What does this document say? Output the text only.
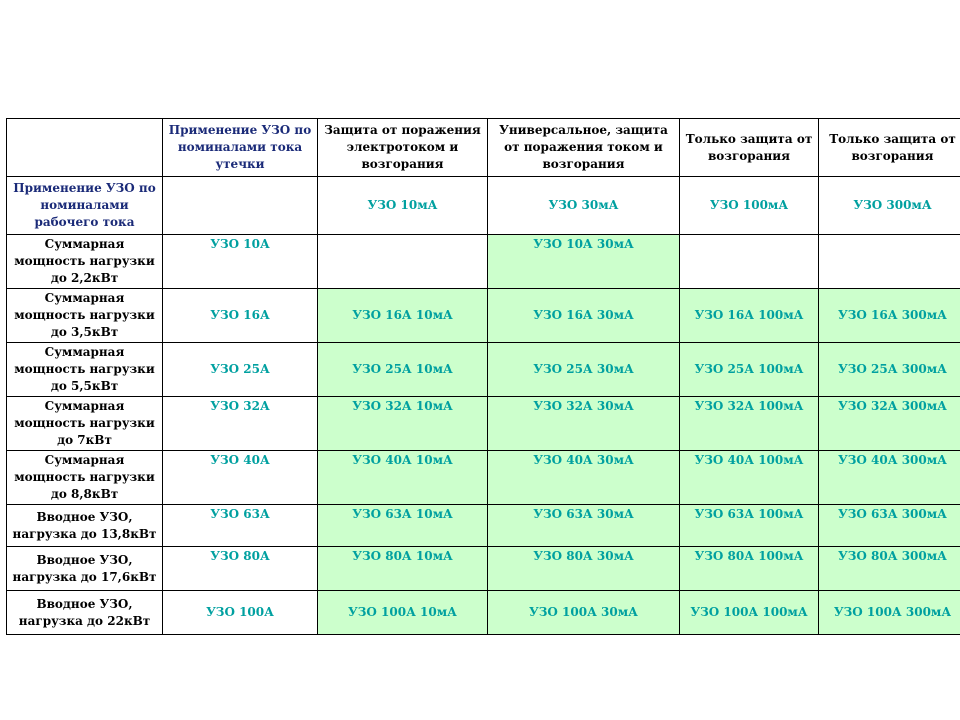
	Применение УЗО по номиналами тока утечки	Защита от поражения электротоком и возгорания	Универсальное, защита от поражения током и возгорания	Только защита от возгорания	Только защита от возгорания
Применение УЗО по номиналами рабочего тока		УЗО 10мА	УЗО 30мА	УЗО 100мА	УЗО 300мА
Суммарная мощность нагрузки до 2,2кВт	УЗО 10А		УЗО 10А 30мА		
Суммарная мощность нагрузки до 3,5кВт	УЗО 16А	УЗО 16А 10мА	УЗО 16А 30мА	УЗО 16А 100мА	УЗО 16А 300мА
Суммарная мощность нагрузки до 5,5кВт	УЗО 25А	УЗО 25А 10мА	УЗО 25А 30мА	УЗО 25А 100мА	УЗО 25А 300мА
Суммарная мощность нагрузки до 7кВт	УЗО 32А	УЗО 32А 10мА	УЗО 32А 30мА	УЗО 32А 100мА	УЗО 32А 300мА
Суммарная мощность нагрузки до 8,8кВт	УЗО 40А	УЗО 40А 10мА	УЗО 40А 30мА	УЗО 40А 100мА	УЗО 40А 300мА
Вводное УЗО, нагрузка до 13,8кВт	УЗО 63А	УЗО 63А 10мА	УЗО 63А 30мА	УЗО 63А 100мА	УЗО 63А 300мА
Вводное УЗО, нагрузка до 17,6кВт	УЗО 80А	УЗО 80А 10мА	УЗО 80А 30мА	УЗО 80А 100мА	УЗО 80А 300мА
Вводное УЗО, нагрузка до 22кВт	УЗО 100А	УЗО 100А 10мА	УЗО 100А 30мА	УЗО 100А 100мА	УЗО 100А 300мА
